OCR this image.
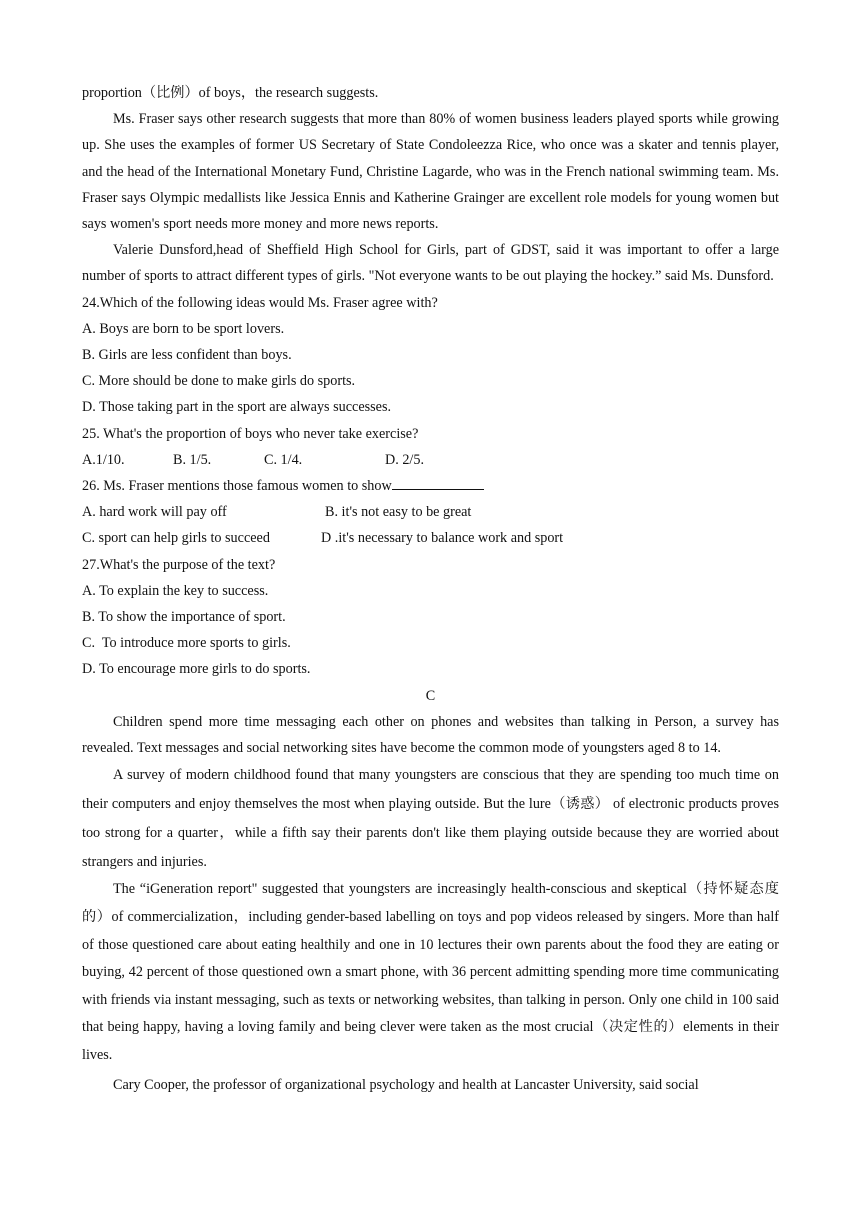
proportion（比例）of boys，the research suggests.

Ms. Fraser says other research suggests that more than 80% of women business leaders played sports while growing up. She uses the examples of former US Secretary of State Condoleezza Rice, who once was a skater and tennis player, and the head of the International Monetary Fund, Christine Lagarde, who was in the French national swimming team. Ms. Fraser says Olympic medallists like Jessica Ennis and Katherine Grainger are excellent role models for young women but says women's sport needs more money and more news reports.

Valerie Dunsford,head of Sheffield High School for Girls, part of GDST, said it was important to offer a large number of sports to attract different types of girls. "Not everyone wants to be out playing the hockey.” said Ms. Dunsford.

24.Which of the following ideas would Ms. Fraser agree with?

A. Boys are born to be sport lovers.

B. Girls are less confident than boys.

C. More should be done to make girls do sports.

D. Those taking part in the sport are always successes.

25. What's the proportion of boys who never take exercise?

A.1/10.	B. 1/5.	C. 1/4.	D. 2/5.

26. Ms. Fraser mentions those famous women to show

A. hard work will pay off	B. it's not easy to be great
C. sport can help girls to succeed	D .it's necessary to balance work and sport

27.What's the purpose of the text?

A. To explain the key to success.

B. To show the importance of sport.

C.  To introduce more sports to girls.

D. To encourage more girls to do sports.

C

Children spend more time messaging each other on phones and websites than talking in Person, a survey has revealed. Text messages and social networking sites have become the common mode of youngsters aged 8 to 14.

A survey of modern childhood found that many youngsters are conscious that they are spending too much time on their computers and enjoy themselves the most when playing outside. But the lure（诱惑） of electronic products proves too strong for a quarter，while a fifth say their parents don't like them playing outside because they are worried about strangers and injuries.

The “iGeneration report" suggested that youngsters are increasingly health-conscious and skeptical（持怀疑态度的）of commercialization，including gender-based labelling on toys and pop videos released by singers. More than half of those questioned care about eating healthily and one in 10 lectures their own parents about the food they are eating or buying, 42 percent of those questioned own a smart phone, with 36 percent admitting spending more time communicating with friends via instant messaging, such as texts or networking websites, than talking in person. Only one child in 100 said that being happy, having a loving family and being clever were taken as the most crucial（决定性的）elements in their lives.

Cary Cooper, the professor of organizational psychology and health at Lancaster University, said social
